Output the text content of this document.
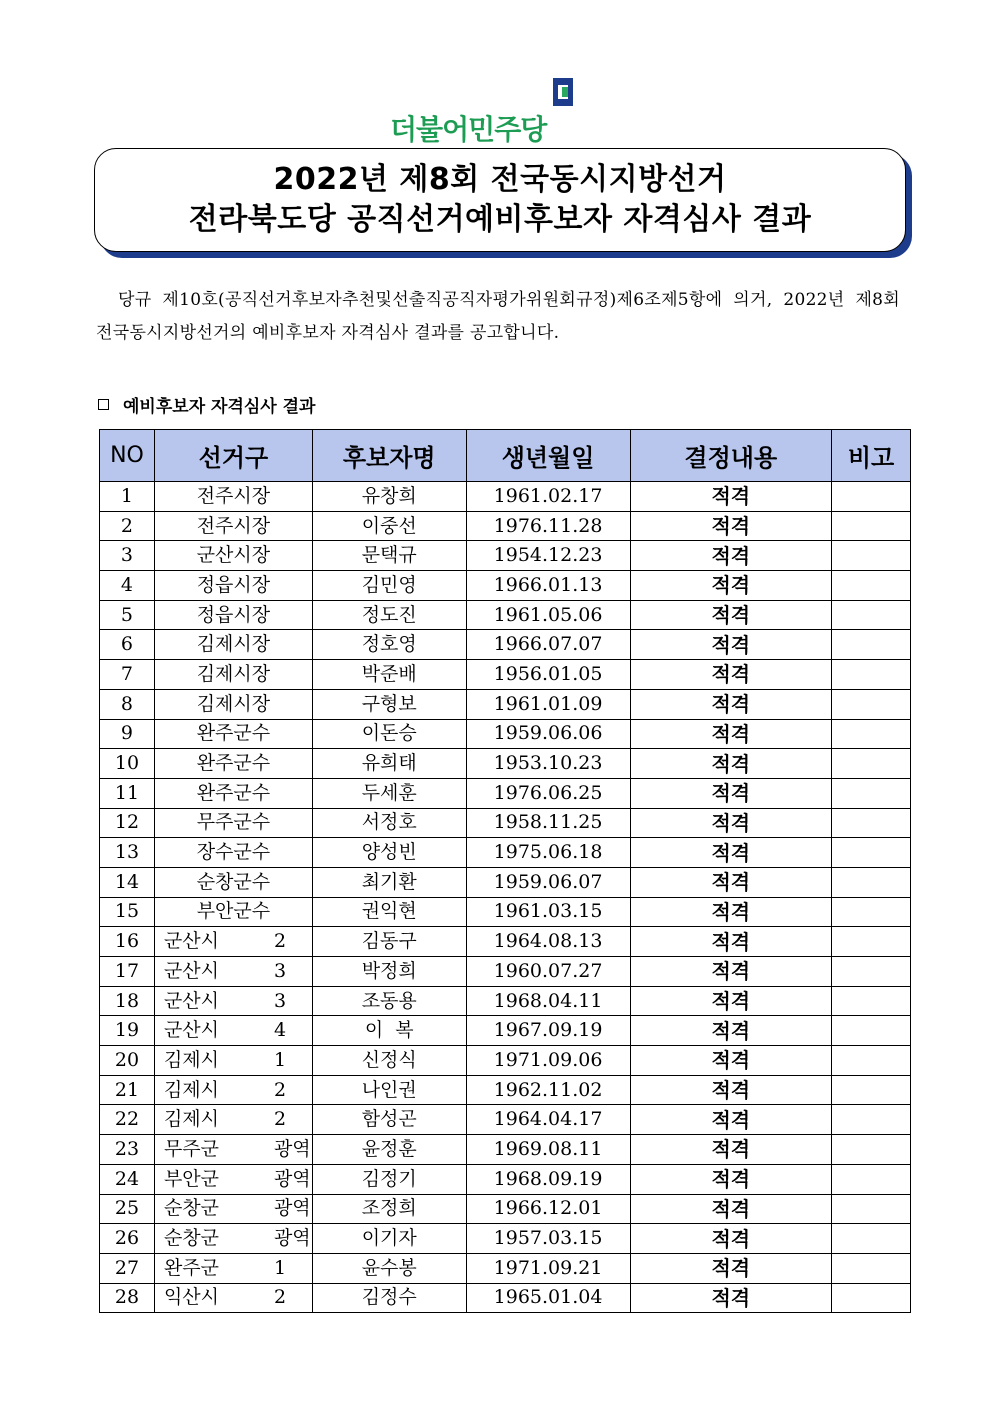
더불어민주당
2022년 제8회 전국동시지방선거
전라북도당 공직선거예비후보자 자격심사 결과

당규 제10호(공직선거후보자추천및선출직공직자평가위원회규정)제6조제5항에 의거, 2022년 제8회 전국동시지방선거의 예비후보자 자격심사 결과를 공고합니다.

예비후보자 자격심사 결과
NO	선거구	후보자명	생년월일	결정내용	비고
1	전주시장	유창희	1961.02.17	적격	
2	전주시장	이중선	1976.11.28	적격	
3	군산시장	문택규	1954.12.23	적격	
4	정읍시장	김민영	1966.01.13	적격	
5	정읍시장	정도진	1961.05.06	적격	
6	김제시장	정호영	1966.07.07	적격	
7	김제시장	박준배	1956.01.05	적격	
8	김제시장	구형보	1961.01.09	적격	
9	완주군수	이돈승	1959.06.06	적격	
10	완주군수	유희태	1953.10.23	적격	
11	완주군수	두세훈	1976.06.25	적격	
12	무주군수	서정호	1958.11.25	적격	
13	장수군수	양성빈	1975.06.18	적격	
14	순창군수	최기환	1959.06.07	적격	
15	부안군수	권익현	1961.03.15	적격	
16	군산시 2	김동구	1964.08.13	적격	
17	군산시 3	박정희	1960.07.27	적격	
18	군산시 3	조동용	1968.04.11	적격	
19	군산시 4	이  복	1967.09.19	적격	
20	김제시 1	신정식	1971.09.06	적격	
21	김제시 2	나인권	1962.11.02	적격	
22	김제시 2	함성곤	1964.04.17	적격	
23	무주군 광역	윤정훈	1969.08.11	적격	
24	부안군 광역	김정기	1968.09.19	적격	
25	순창군 광역	조정희	1966.12.01	적격	
26	순창군 광역	이기자	1957.03.15	적격	
27	완주군 1	윤수봉	1971.09.21	적격	
28	익산시 2	김정수	1965.01.04	적격	
